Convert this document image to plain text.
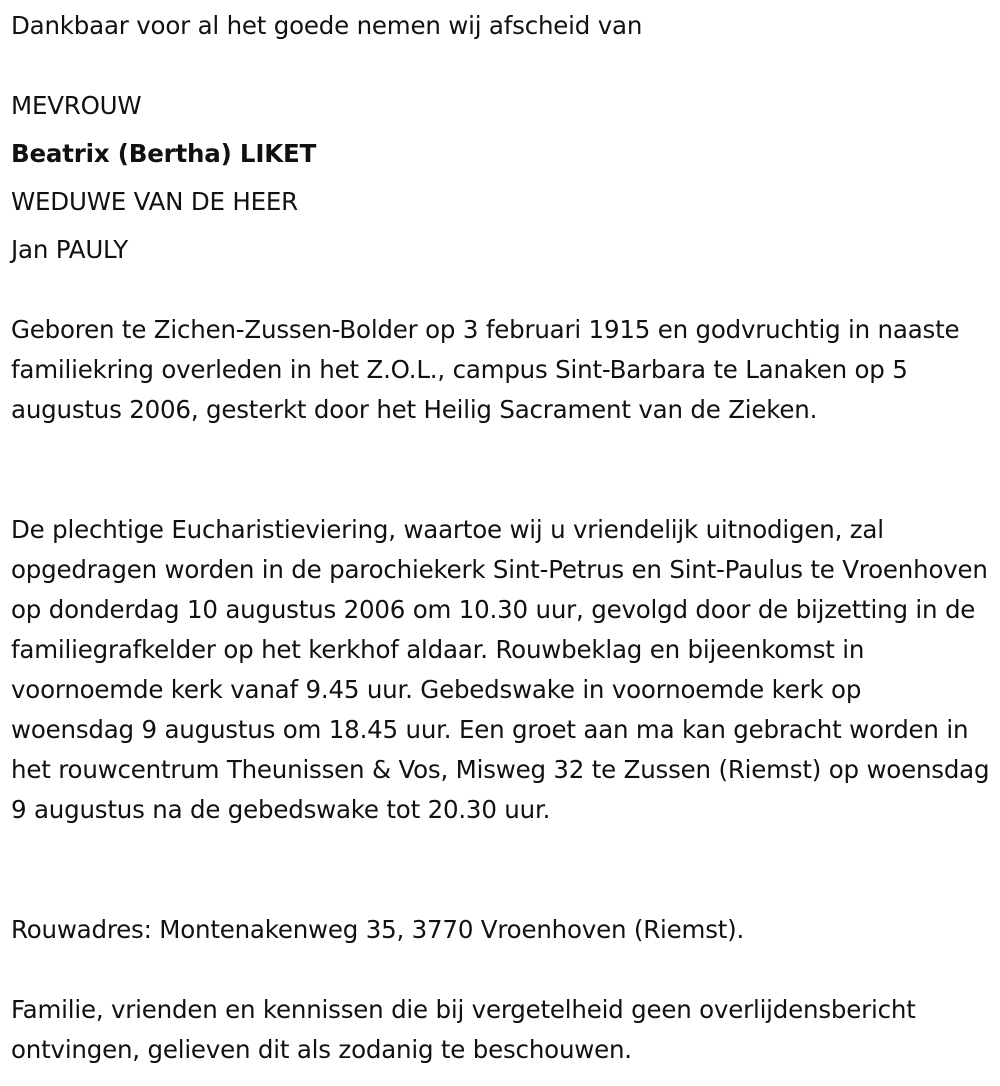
Dankbaar voor al het goede nemen wij afscheid van
MEVROUW
Beatrix (Bertha) LIKET
WEDUWE VAN DE HEER
Jan PAULY

Geboren te Zichen-Zussen-Bolder op 3 februari 1915 en godvruchtig in naaste familiekring overleden in het Z.O.L., campus Sint-Barbara te Lanaken op 5 augustus 2006, gesterkt door het Heilig Sacrament van de Zieken.

De plechtige Eucharistieviering, waartoe wij u vriendelijk uitnodigen, zal opgedragen worden in de parochiekerk Sint-Petrus en Sint-Paulus te Vroenhoven op donderdag 10 augustus 2006 om 10.30 uur, gevolgd door de bijzetting in de familiegrafkelder op het kerkhof aldaar. Rouwbeklag en bijeenkomst in voornoemde kerk vanaf 9.45 uur. Gebedswake in voornoemde kerk op woensdag 9 augustus om 18.45 uur. Een groet aan ma kan gebracht worden in het rouwcentrum Theunissen & Vos, Misweg 32 te Zussen (Riemst) op woensdag 9 augustus na de gebedswake tot 20.30 uur.

Rouwadres: Montenakenweg 35, 3770 Vroenhoven (Riemst).

Familie, vrienden en kennissen die bij vergetelheid geen overlijdensbericht ontvingen, gelieven dit als zodanig te beschouwen.
